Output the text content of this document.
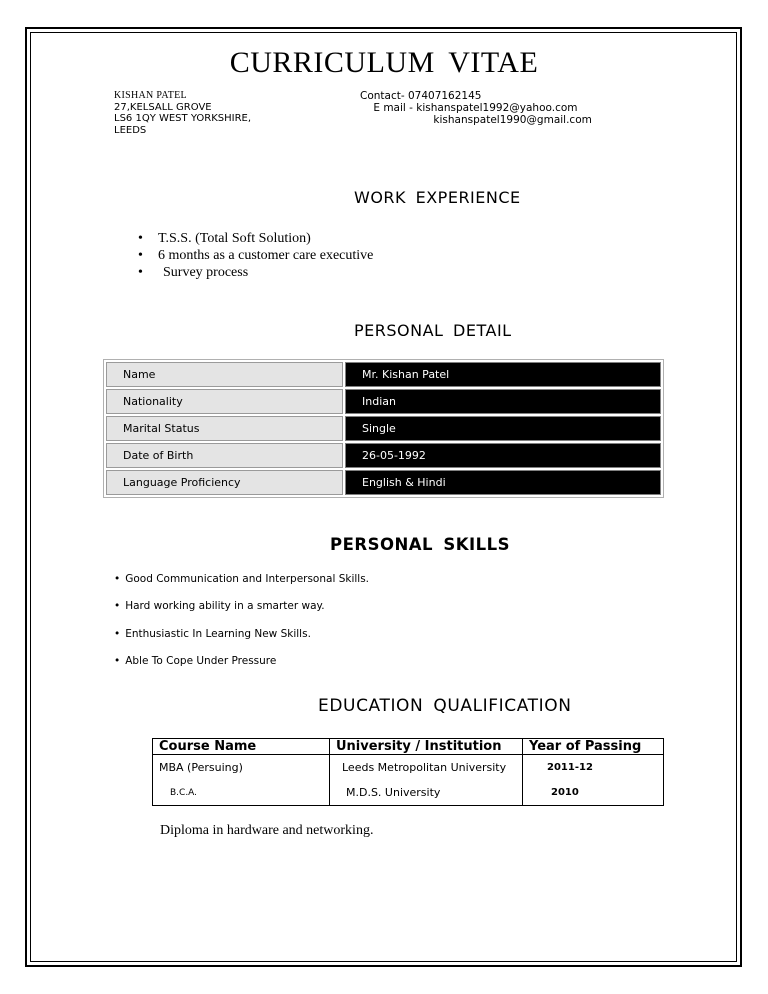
CURRICULUM VITAE
KISHAN PATEL
27,KELSALL GROVE
LS6 1QY WEST YORKSHIRE,
LEEDS
Contact- 07407162145
E mail - kishanspatel1992@yahoo.com
kishanspatel1990@gmail.com
WORK EXPERIENCE
• T.S.S. (Total Soft Solution)
• 6 months as a customer care executive
• Survey process
PERSONAL DETAIL
Name	Mr. Kishan Patel
Nationality	Indian
Marital Status	Single
Date of Birth	26-05-1992
Language Proficiency	English & Hindi
PERSONAL SKILLS
• Good Communication and Interpersonal Skills.
• Hard working ability in a smarter way.
• Enthusiastic In Learning New Skills.
• Able To Cope Under Pressure
EDUCATION QUALIFICATION
Course Name	University / Institution	Year of Passing
MBA (Persuing)	Leeds Metropolitan University	2011-12
B.C.A.	M.D.S. University	2010
Diploma in hardware and networking.
